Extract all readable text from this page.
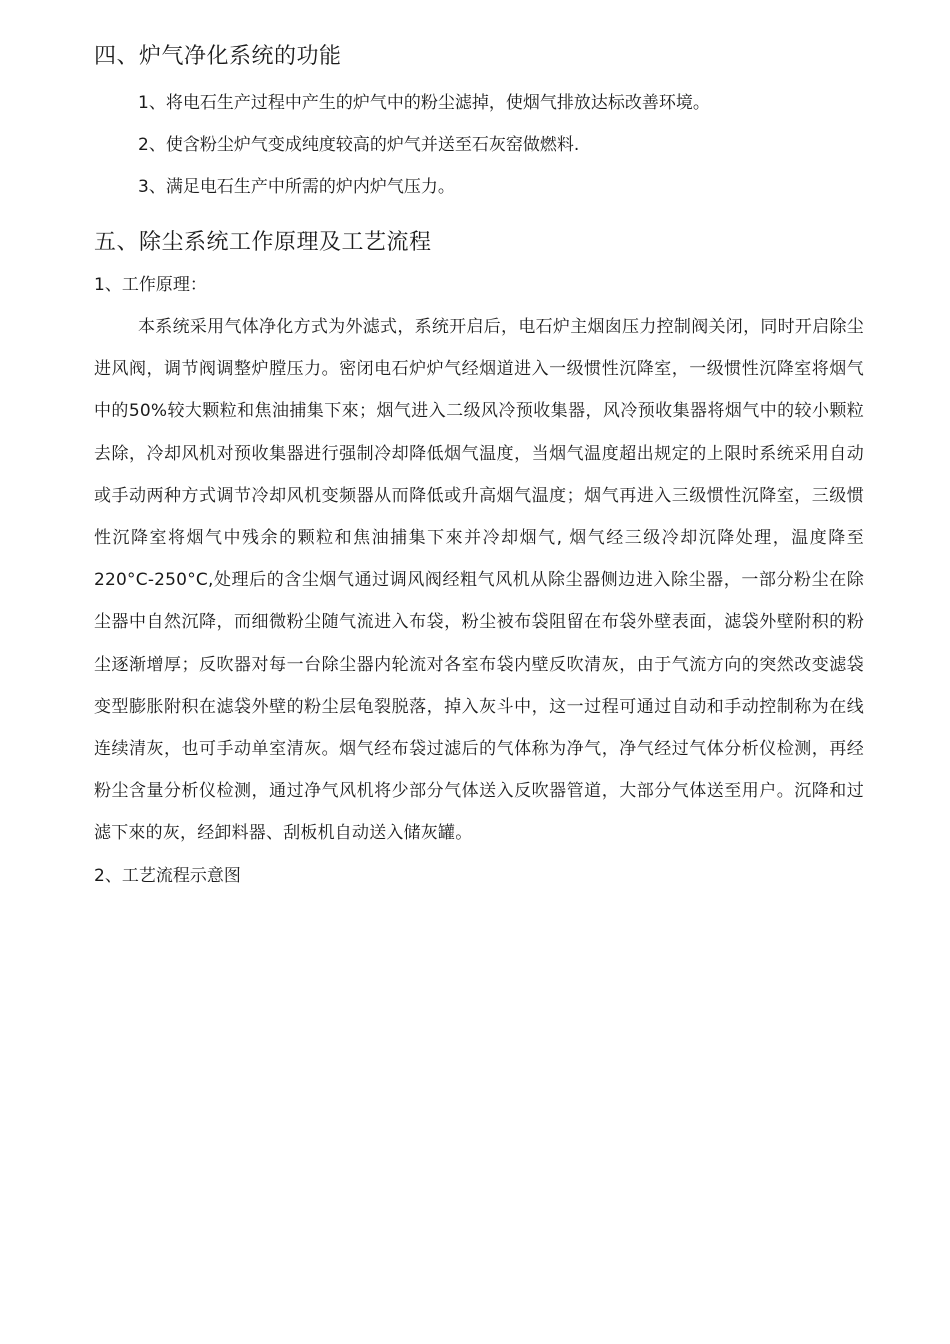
四、炉气净化系统的功能

1、将电石生产过程中产生的炉气中的粉尘滤掉，使烟气排放达标改善环境。

2、使含粉尘炉气变成纯度较高的炉气并送至石灰窑做燃料.

3、满足电石生产中所需的炉内炉气压力。

五、除尘系统工作原理及工艺流程

1、工作原理：

本系统采用气体净化方式为外滤式，系统开启后，电石炉主烟囱压力控制阀关闭，同时开启除尘进风阀，调节阀调整炉膛压力。密闭电石炉炉气经烟道进入一级惯性沉降室，一级惯性沉降室将烟气中的50%较大颗粒和焦油捕集下來；烟气进入二级风冷预收集器，风冷预收集器将烟气中的较小颗粒去除，冷却风机对预收集器进行强制冷却降低烟气温度，当烟气温度超出规定的上限时系统采用自动或手动两种方式调节冷却风机变频器从而降低或升高烟气温度；烟气再进入三级惯性沉降室，三级惯性沉降室将烟气中残余的颗粒和焦油捕集下來并冷却烟气, 烟气经三级冷却沉降处理，温度降至220°C-250°C,处理后的含尘烟气通过调风阀经粗气风机从除尘器侧边进入除尘器，一部分粉尘在除尘器中自然沉降，而细微粉尘随气流进入布袋，粉尘被布袋阻留在布袋外壁表面，滤袋外壁附积的粉尘逐渐增厚；反吹器对每一台除尘器内轮流对各室布袋内壁反吹清灰，由于气流方向的突然改变滤袋变型膨胀附积在滤袋外壁的粉尘层龟裂脱落，掉入灰斗中，这一过程可通过自动和手动控制称为在线连续清灰，也可手动单室清灰。烟气经布袋过滤后的气体称为净气，净气经过气体分析仪检测，再经粉尘含量分析仪检测，通过净气风机将少部分气体送入反吹器管道，大部分气体送至用户。沉降和过滤下來的灰，经卸料器、刮板机自动送入储灰罐。

2、工艺流程示意图
